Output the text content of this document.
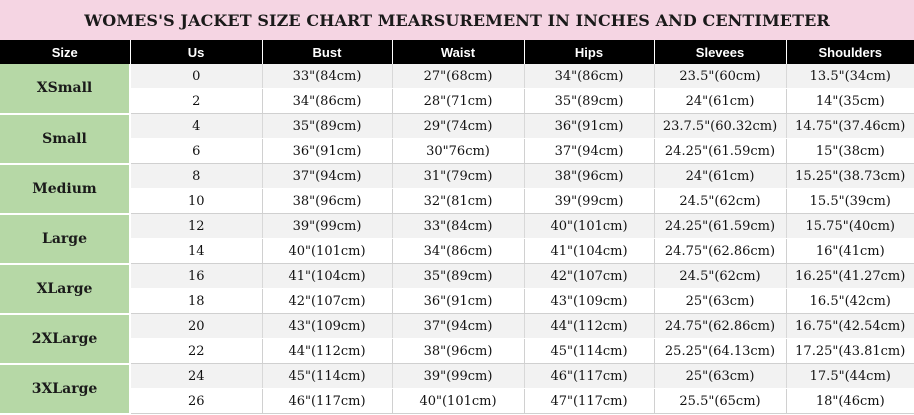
WOMES'S JACKET SIZE CHART MEARSUREMENT IN INCHES AND CENTIMETER
Size	Us	Bust	Waist	Hips	Slevees	Shoulders
XSmall	0	33"(84cm)	27"(68cm)	34"(86cm)	23.5"(60cm)	13.5"(34cm)
	2	34"(86cm)	28"(71cm)	35"(89cm)	24"(61cm)	14"(35cm)
Small	4	35"(89cm)	29"(74cm)	36"(91cm)	23.7.5"(60.32cm)	14.75"(37.46cm)
	6	36"(91cm)	30"76cm)	37"(94cm)	24.25"(61.59cm)	15"(38cm)
Medium	8	37"(94cm)	31"(79cm)	38"(96cm)	24"(61cm)	15.25"(38.73cm)
	10	38"(96cm)	32"(81cm)	39"(99cm)	24.5"(62cm)	15.5"(39cm)
Large	12	39"(99cm)	33"(84cm)	40"(101cm)	24.25"(61.59cm)	15.75"(40cm)
	14	40"(101cm)	34"(86cm)	41"(104cm)	24.75"(62.86cm)	16"(41cm)
XLarge	16	41"(104cm)	35"(89cm)	42"(107cm)	24.5"(62cm)	16.25"(41.27cm)
	18	42"(107cm)	36"(91cm)	43"(109cm)	25"(63cm)	16.5"(42cm)
2XLarge	20	43"(109cm)	37"(94cm)	44"(112cm)	24.75"(62.86cm)	16.75"(42.54cm)
	22	44"(112cm)	38"(96cm)	45"(114cm)	25.25"(64.13cm)	17.25"(43.81cm)
3XLarge	24	45"(114cm)	39"(99cm)	46"(117cm)	25"(63cm)	17.5"(44cm)
	26	46"(117cm)	40"(101cm)	47"(117cm)	25.5"(65cm)	18"(46cm)
